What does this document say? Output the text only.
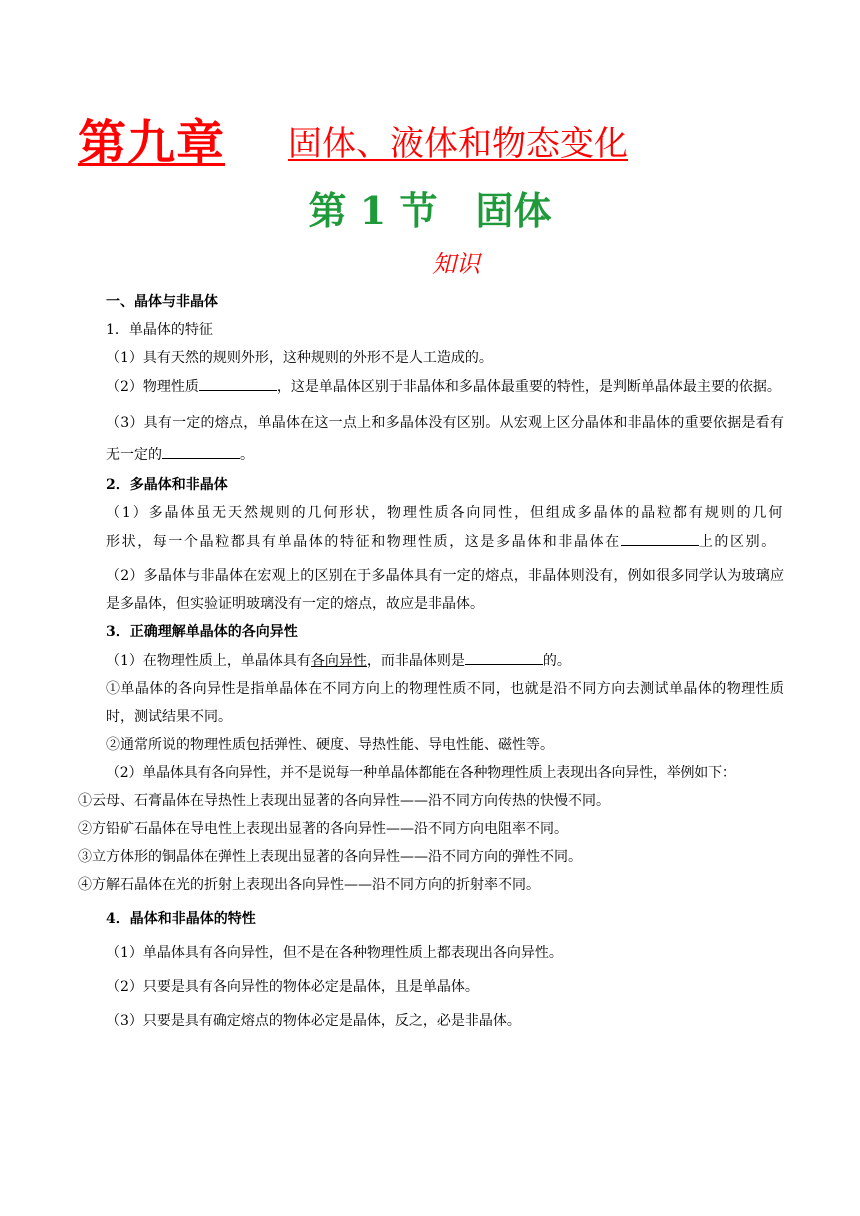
第九章 固体、液体和物态变化
第 1 节　固体
知识

一、晶体与非晶体

1．单晶体的特征

（1）具有天然的规则外形，这种规则的外形不是人工造成的。

（2）物理性质	，这是单晶体区别于非晶体和多晶体最重要的特性，是判断单晶体最主要的依据。

（3）具有一定的熔点，单晶体在这一点上和多晶体没有区别。从宏观上区分晶体和非晶体的重要依据是看有无一定的	。

2．多晶体和非晶体

（1）多晶体虽无天然规则的几何形状，物理性质各向同性，但组成多晶体的晶粒都有规则的几何形状，每一个晶粒都具有单晶体的特征和物理性质，这是多晶体和非晶体在	上的区别。

（2）多晶体与非晶体在宏观上的区别在于多晶体具有一定的熔点，非晶体则没有，例如很多同学认为玻璃应是多晶体，但实验证明玻璃没有一定的熔点，故应是非晶体。

3．正确理解单晶体的各向异性

（1）在物理性质上，单晶体具有各向异性，而非晶体则是	的。

①单晶体的各向异性是指单晶体在不同方向上的物理性质不同，也就是沿不同方向去测试单晶体的物理性质时，测试结果不同。

②通常所说的物理性质包括弹性、硬度、导热性能、导电性能、磁性等。

（2）单晶体具有各向异性，并不是说每一种单晶体都能在各种物理性质上表现出各向异性，举例如下：

①云母、石膏晶体在导热性上表现出显著的各向异性——沿不同方向传热的快慢不同。

②方铅矿石晶体在导电性上表现出显著的各向异性——沿不同方向电阻率不同。

③立方体形的铜晶体在弹性上表现出显著的各向异性——沿不同方向的弹性不同。

④方解石晶体在光的折射上表现出各向异性——沿不同方向的折射率不同。

4．晶体和非晶体的特性

（1）单晶体具有各向异性，但不是在各种物理性质上都表现出各向异性。

（2）只要是具有各向异性的物体必定是晶体，且是单晶体。

（3）只要是具有确定熔点的物体必定是晶体，反之，必是非晶体。
